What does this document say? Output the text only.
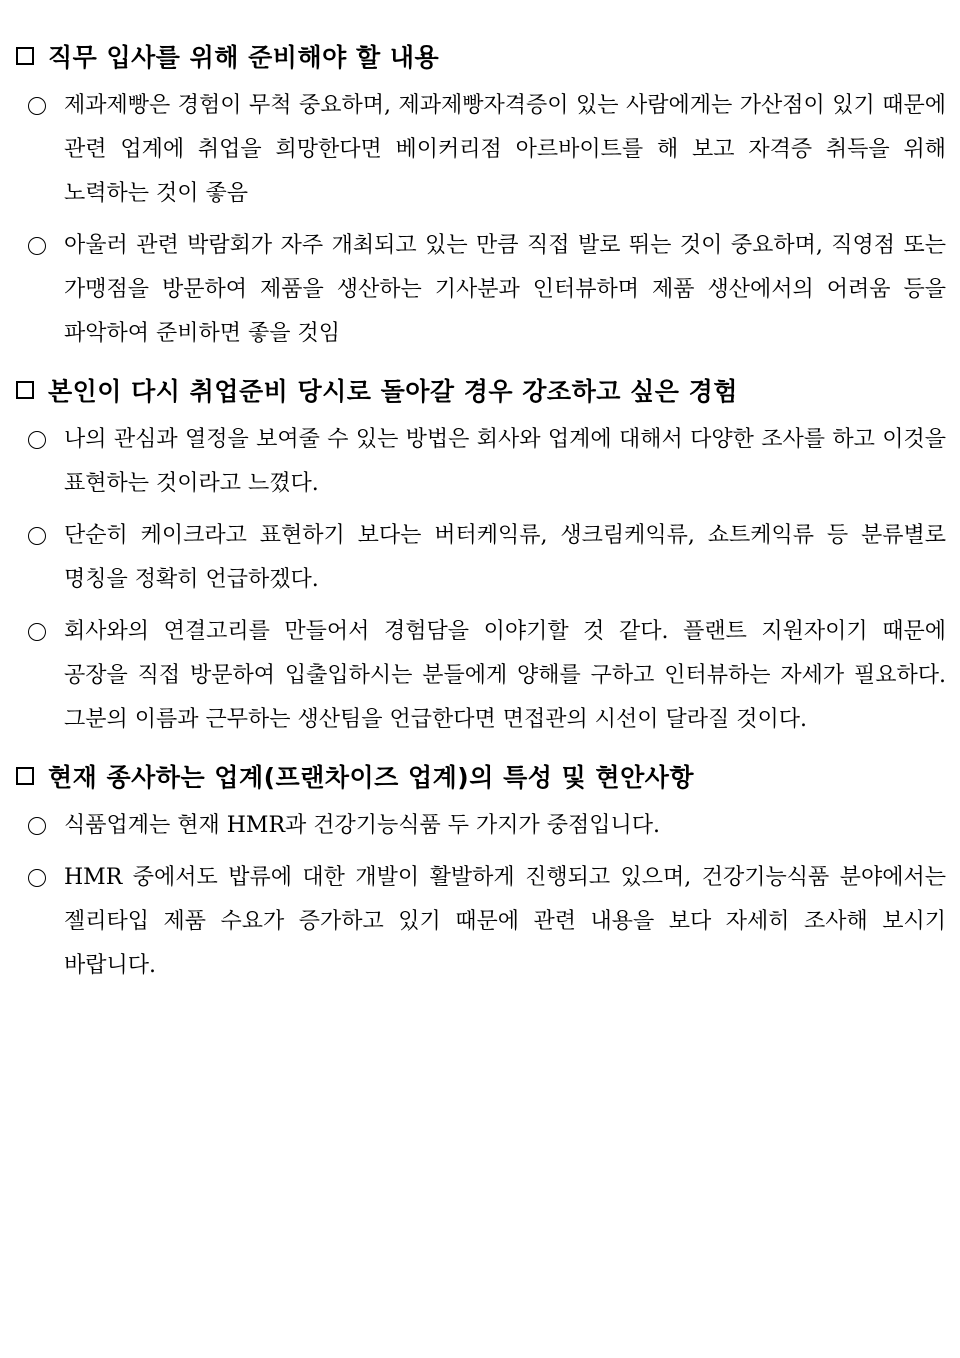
직무 입사를 위해 준비해야 할 내용
제과제빵은 경험이 무척 중요하며, 제과제빵자격증이 있는 사람에게는 가산점이 있기 때문에 관련 업계에 취업을 희망한다면 베이커리점 아르바이트를 해 보고 자격증 취득을 위해 노력하는 것이 좋음
아울러 관련 박람회가 자주 개최되고 있는 만큼 직접 발로 뛰는 것이 중요하며, 직영점 또는 가맹점을 방문하여 제품을 생산하는 기사분과 인터뷰하며 제품 생산에서의 어려움 등을 파악하여 준비하면 좋을 것임
본인이 다시 취업준비 당시로 돌아갈 경우 강조하고 싶은 경험
나의 관심과 열정을 보여줄 수 있는 방법은 회사와 업계에 대해서 다양한 조사를 하고 이것을 표현하는 것이라고 느꼈다.
단순히 케이크라고 표현하기 보다는 버터케익류, 생크림케익류, 쇼트케익류 등 분류별로 명칭을 정확히 언급하겠다.
회사와의 연결고리를 만들어서 경험담을 이야기할 것 같다. 플랜트 지원자이기 때문에 공장을 직접 방문하여 입출입하시는 분들에게 양해를 구하고 인터뷰하는 자세가 필요하다. 그분의 이름과 근무하는 생산팀을 언급한다면 면접관의 시선이 달라질 것이다.
현재 종사하는 업계(프랜차이즈 업계)의 특성 및 현안사항
식품업계는 현재 HMR과 건강기능식품 두 가지가 중점입니다.
HMR 중에서도 밥류에 대한 개발이 활발하게 진행되고 있으며, 건강기능식품 분야에서는 젤리타입 제품 수요가 증가하고 있기 때문에 관련 내용을 보다 자세히 조사해 보시기 바랍니다.
